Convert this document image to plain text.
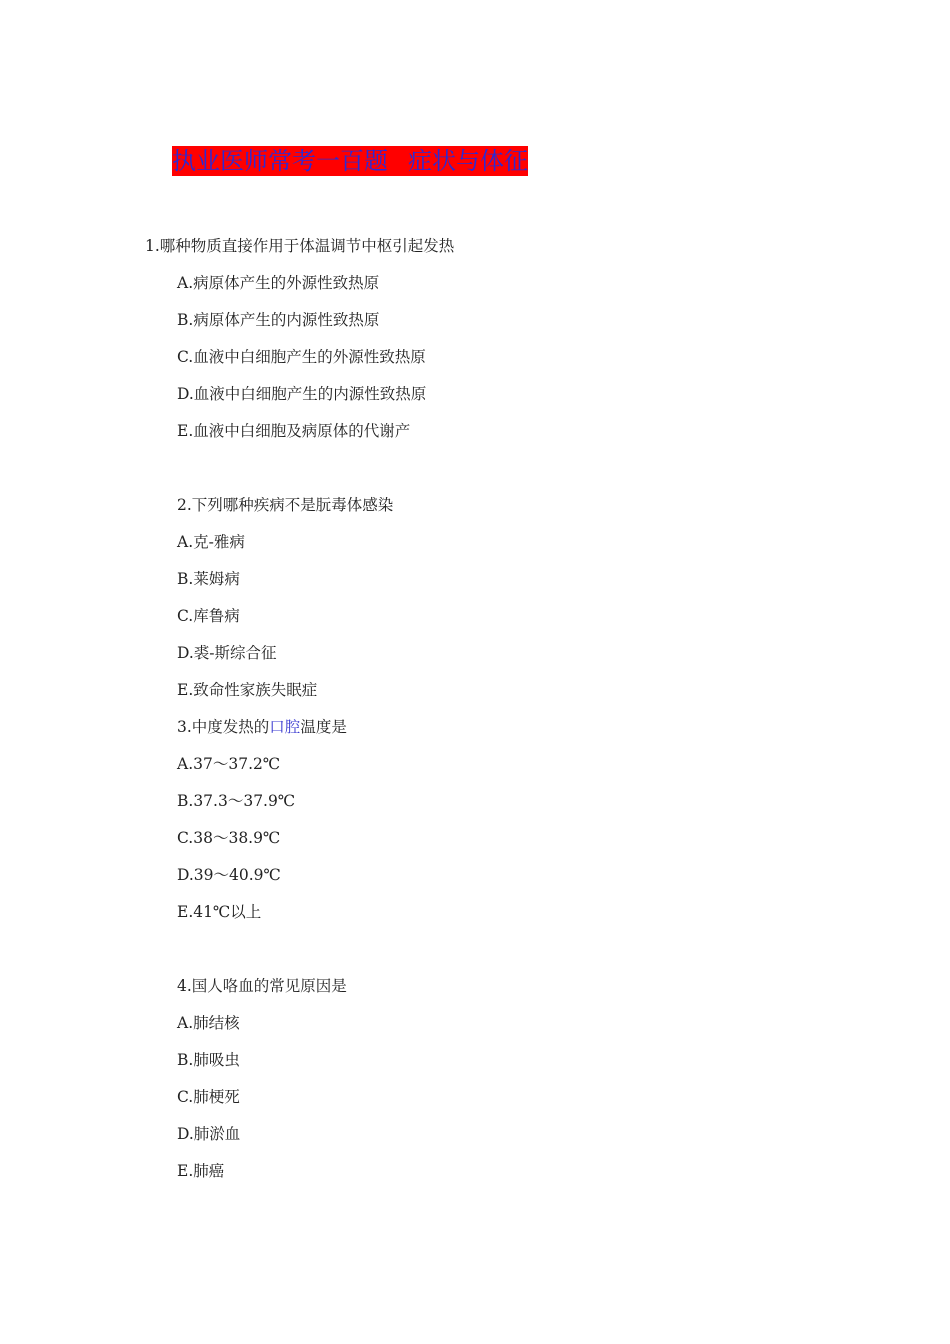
执业医师常考一百题 症状与体征
1.哪种物质直接作用于体温调节中枢引起发热
A.病原体产生的外源性致热原
B.病原体产生的内源性致热原
C.血液中白细胞产生的外源性致热原
D.血液中白细胞产生的内源性致热原
E.血液中白细胞及病原体的代谢产
2.下列哪种疾病不是朊毒体感染
A.克-雅病
B.莱姆病
C.库鲁病
D.裘-斯综合征
E.致命性家族失眠症
3.中度发热的口腔温度是
A.37～37.2℃
B.37.3～37.9℃
C.38～38.9℃
D.39～40.9℃
E.41℃以上
4.国人咯血的常见原因是
A.肺结核
B.肺吸虫
C.肺梗死
D.肺淤血
E.肺癌
